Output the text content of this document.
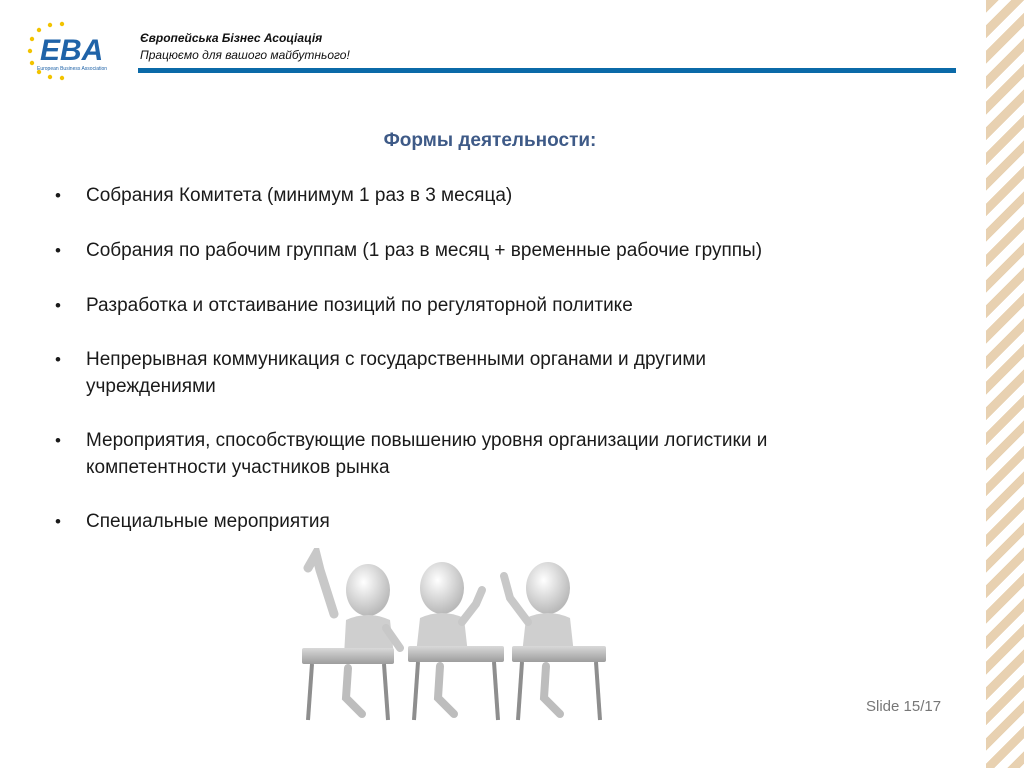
EBA
European Business Association
Європейська Бізнес Асоціація
Працюємо для вашого майбутнього!
Формы деятельности:
• Собрания Комитета (минимум 1 раз в 3 месяца)
• Собрания по рабочим группам (1 раз в месяц + временные рабочие группы)
• Разработка и отстаивание позиций по регуляторной политике
• Непрерывная коммуникация с государственными органами и другими
учреждениями
• Мероприятия, способствующие повышению уровня организации логистики и
компетентности участников рынка
• Специальные мероприятия
Slide 15/17
